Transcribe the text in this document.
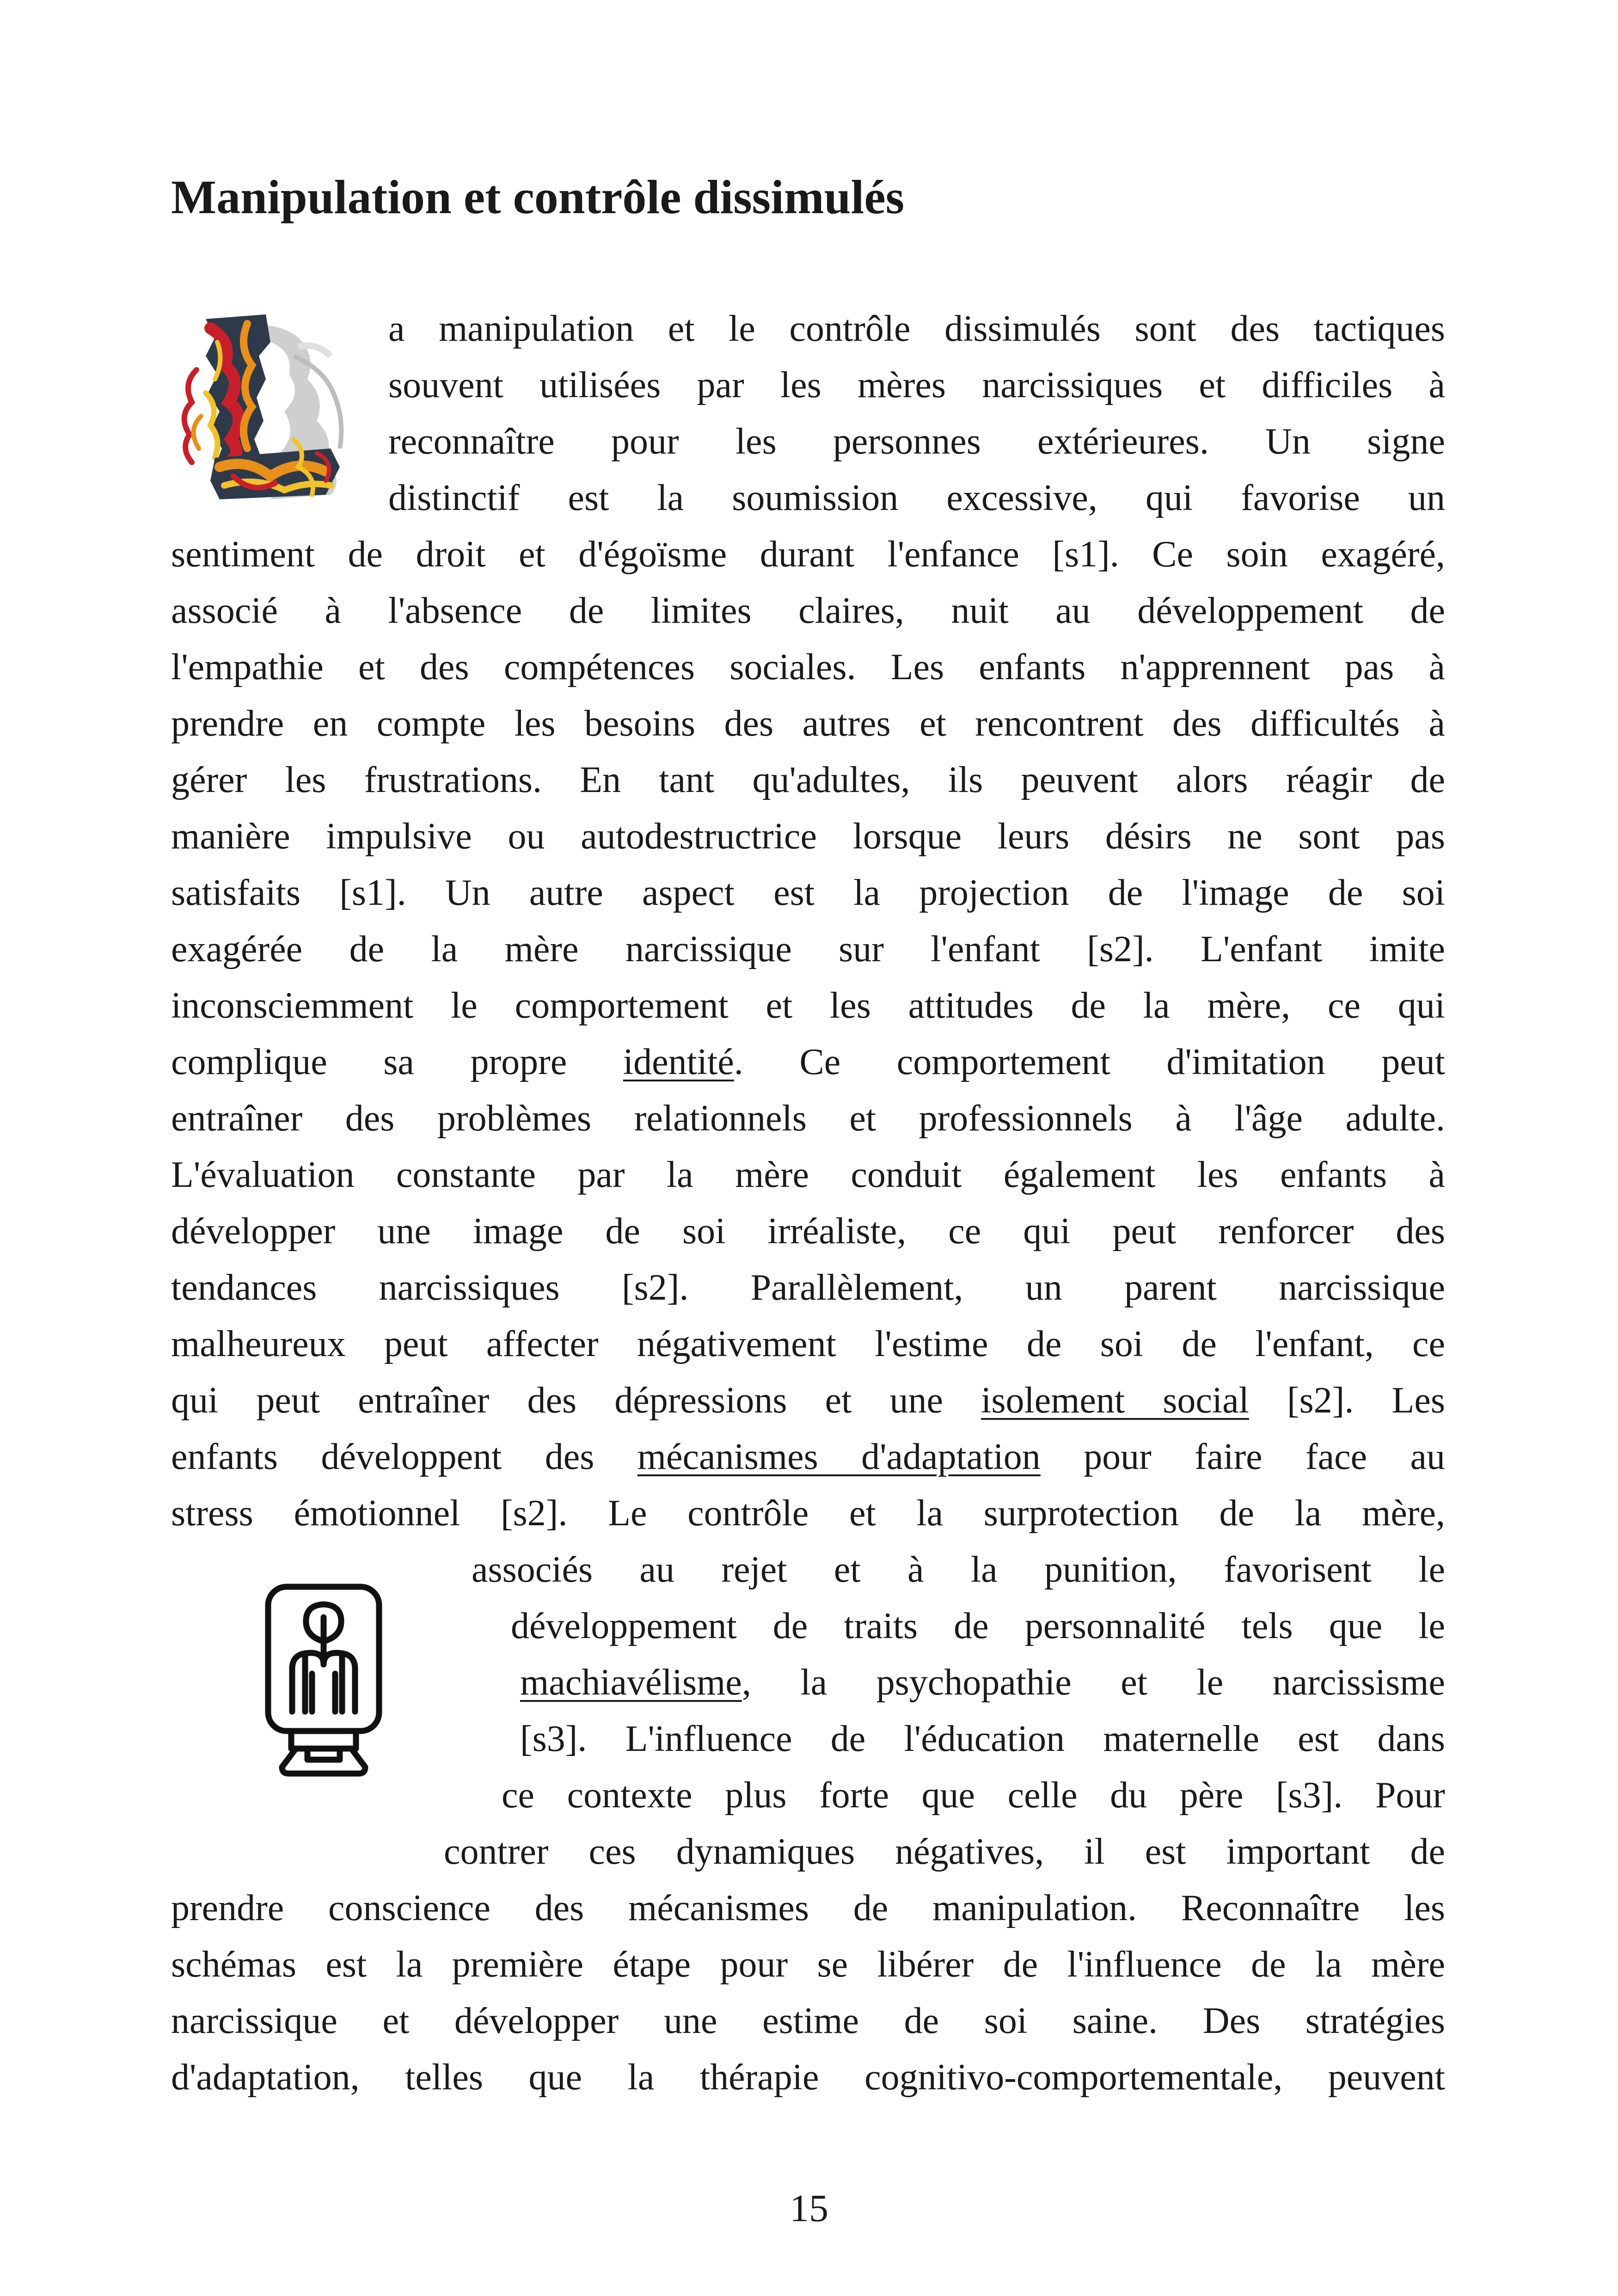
Manipulation et contrôle dissimulés
a manipulation et le contrôle dissimulés sont des tactiques
souvent utilisées par les mères narcissiques et difficiles à
reconnaître pour les personnes extérieures. Un signe
distinctif est la soumission excessive, qui favorise un
sentiment de droit et d'égoïsme durant l'enfance [s1]. Ce soin exagéré,
associé à l'absence de limites claires, nuit au développement de
l'empathie et des compétences sociales. Les enfants n'apprennent pas à
prendre en compte les besoins des autres et rencontrent des difficultés à
gérer les frustrations. En tant qu'adultes, ils peuvent alors réagir de
manière impulsive ou autodestructrice lorsque leurs désirs ne sont pas
satisfaits [s1]. Un autre aspect est la projection de l'image de soi
exagérée de la mère narcissique sur l'enfant [s2]. L'enfant imite
inconsciemment le comportement et les attitudes de la mère, ce qui
complique sa propre identité. Ce comportement d'imitation peut
entraîner des problèmes relationnels et professionnels à l'âge adulte.
L'évaluation constante par la mère conduit également les enfants à
développer une image de soi irréaliste, ce qui peut renforcer des
tendances narcissiques [s2]. Parallèlement, un parent narcissique
malheureux peut affecter négativement l'estime de soi de l'enfant, ce
qui peut entraîner des dépressions et une isolement social [s2]. Les
enfants développent des mécanismes d'adaptation pour faire face au
stress émotionnel [s2]. Le contrôle et la surprotection de la mère,
associés au rejet et à la punition, favorisent le
développement de traits de personnalité tels que le
machiavélisme, la psychopathie et le narcissisme
[s3]. L'influence de l'éducation maternelle est dans
ce contexte plus forte que celle du père [s3]. Pour
contrer ces dynamiques négatives, il est important de
prendre conscience des mécanismes de manipulation. Reconnaître les
schémas est la première étape pour se libérer de l'influence de la mère
narcissique et développer une estime de soi saine. Des stratégies
d'adaptation, telles que la thérapie cognitivo-comportementale, peuvent
15
